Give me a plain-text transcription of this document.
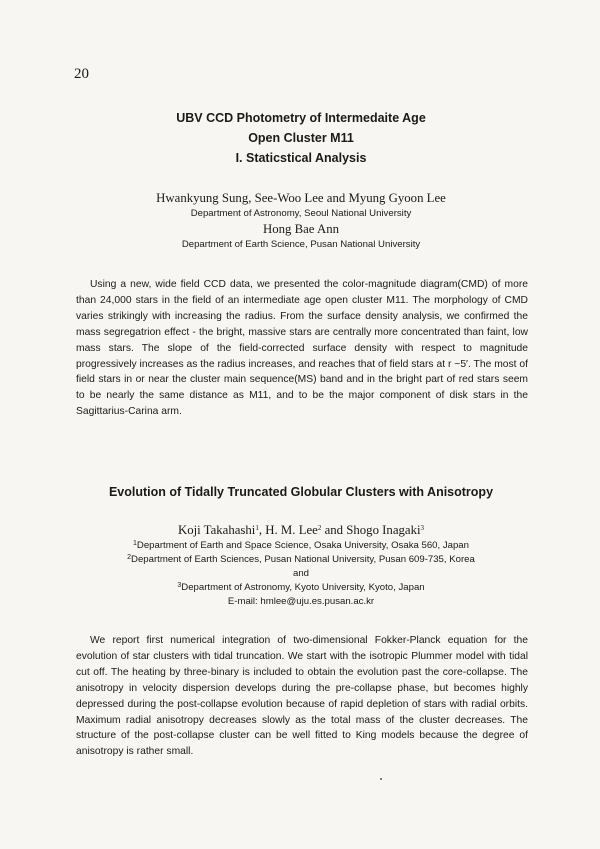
20

UBV CCD Photometry of Intermedaite Age

Open Cluster M11

I. Staticstical Analysis

Hwankyung Sung, See-Woo Lee and Myung Gyoon Lee
Department of Astronomy, Seoul National University
Hong Bae Ann
Department of Earth Science, Pusan National University

Using a new, wide field CCD data, we presented the color-magnitude diagram(CMD) of more than 24,000 stars in the field of an intermediate age open cluster M11. The morphology of CMD varies strikingly with increasing the radius. From the surface density analysis, we confirmed the mass segregatrion effect - the bright, massive stars are centrally more concentrated than faint, low mass stars. The slope of the field-corrected surface density with respect to magnitude progressively increases as the radius increases, and reaches that of field stars at r ~5′. The most of field stars in or near the cluster main sequence(MS) band and in the bright part of red stars seem to be nearly the same distance as M11, and to be the major component of disk stars in the Sagittarius-Carina arm.

Evolution of Tidally Truncated Globular Clusters with Anisotropy

Koji Takahashi$^1$, H. M. Lee$^2$ and Shogo Inagaki$^3$
$^1$Department of Earth and Space Science, Osaka University, Osaka 560, Japan
$^2$Department of Earth Sciences, Pusan National University, Pusan 609-735, Korea
and
$^3$Department of Astronomy, Kyoto University, Kyoto, Japan
E-mail: hmlee@uju.es.pusan.ac.kr

We report first numerical integration of two-dimensional Fokker-Planck equation for the evolution of star clusters with tidal truncation. We start with the isotropic Plummer model with tidal cut off. The heating by three-binary is included to obtain the evolution past the core-collapse. The anisotropy in velocity dispersion develops during the pre-collapse phase, but becomes highly depressed during the post-collapse evolution because of rapid depletion of stars with radial orbits. Maximum radial anisotropy decreases slowly as the total mass of the cluster decreases. The structure of the post-collapse cluster can be well fitted to King models because the degree of anisotropy is rather small.
